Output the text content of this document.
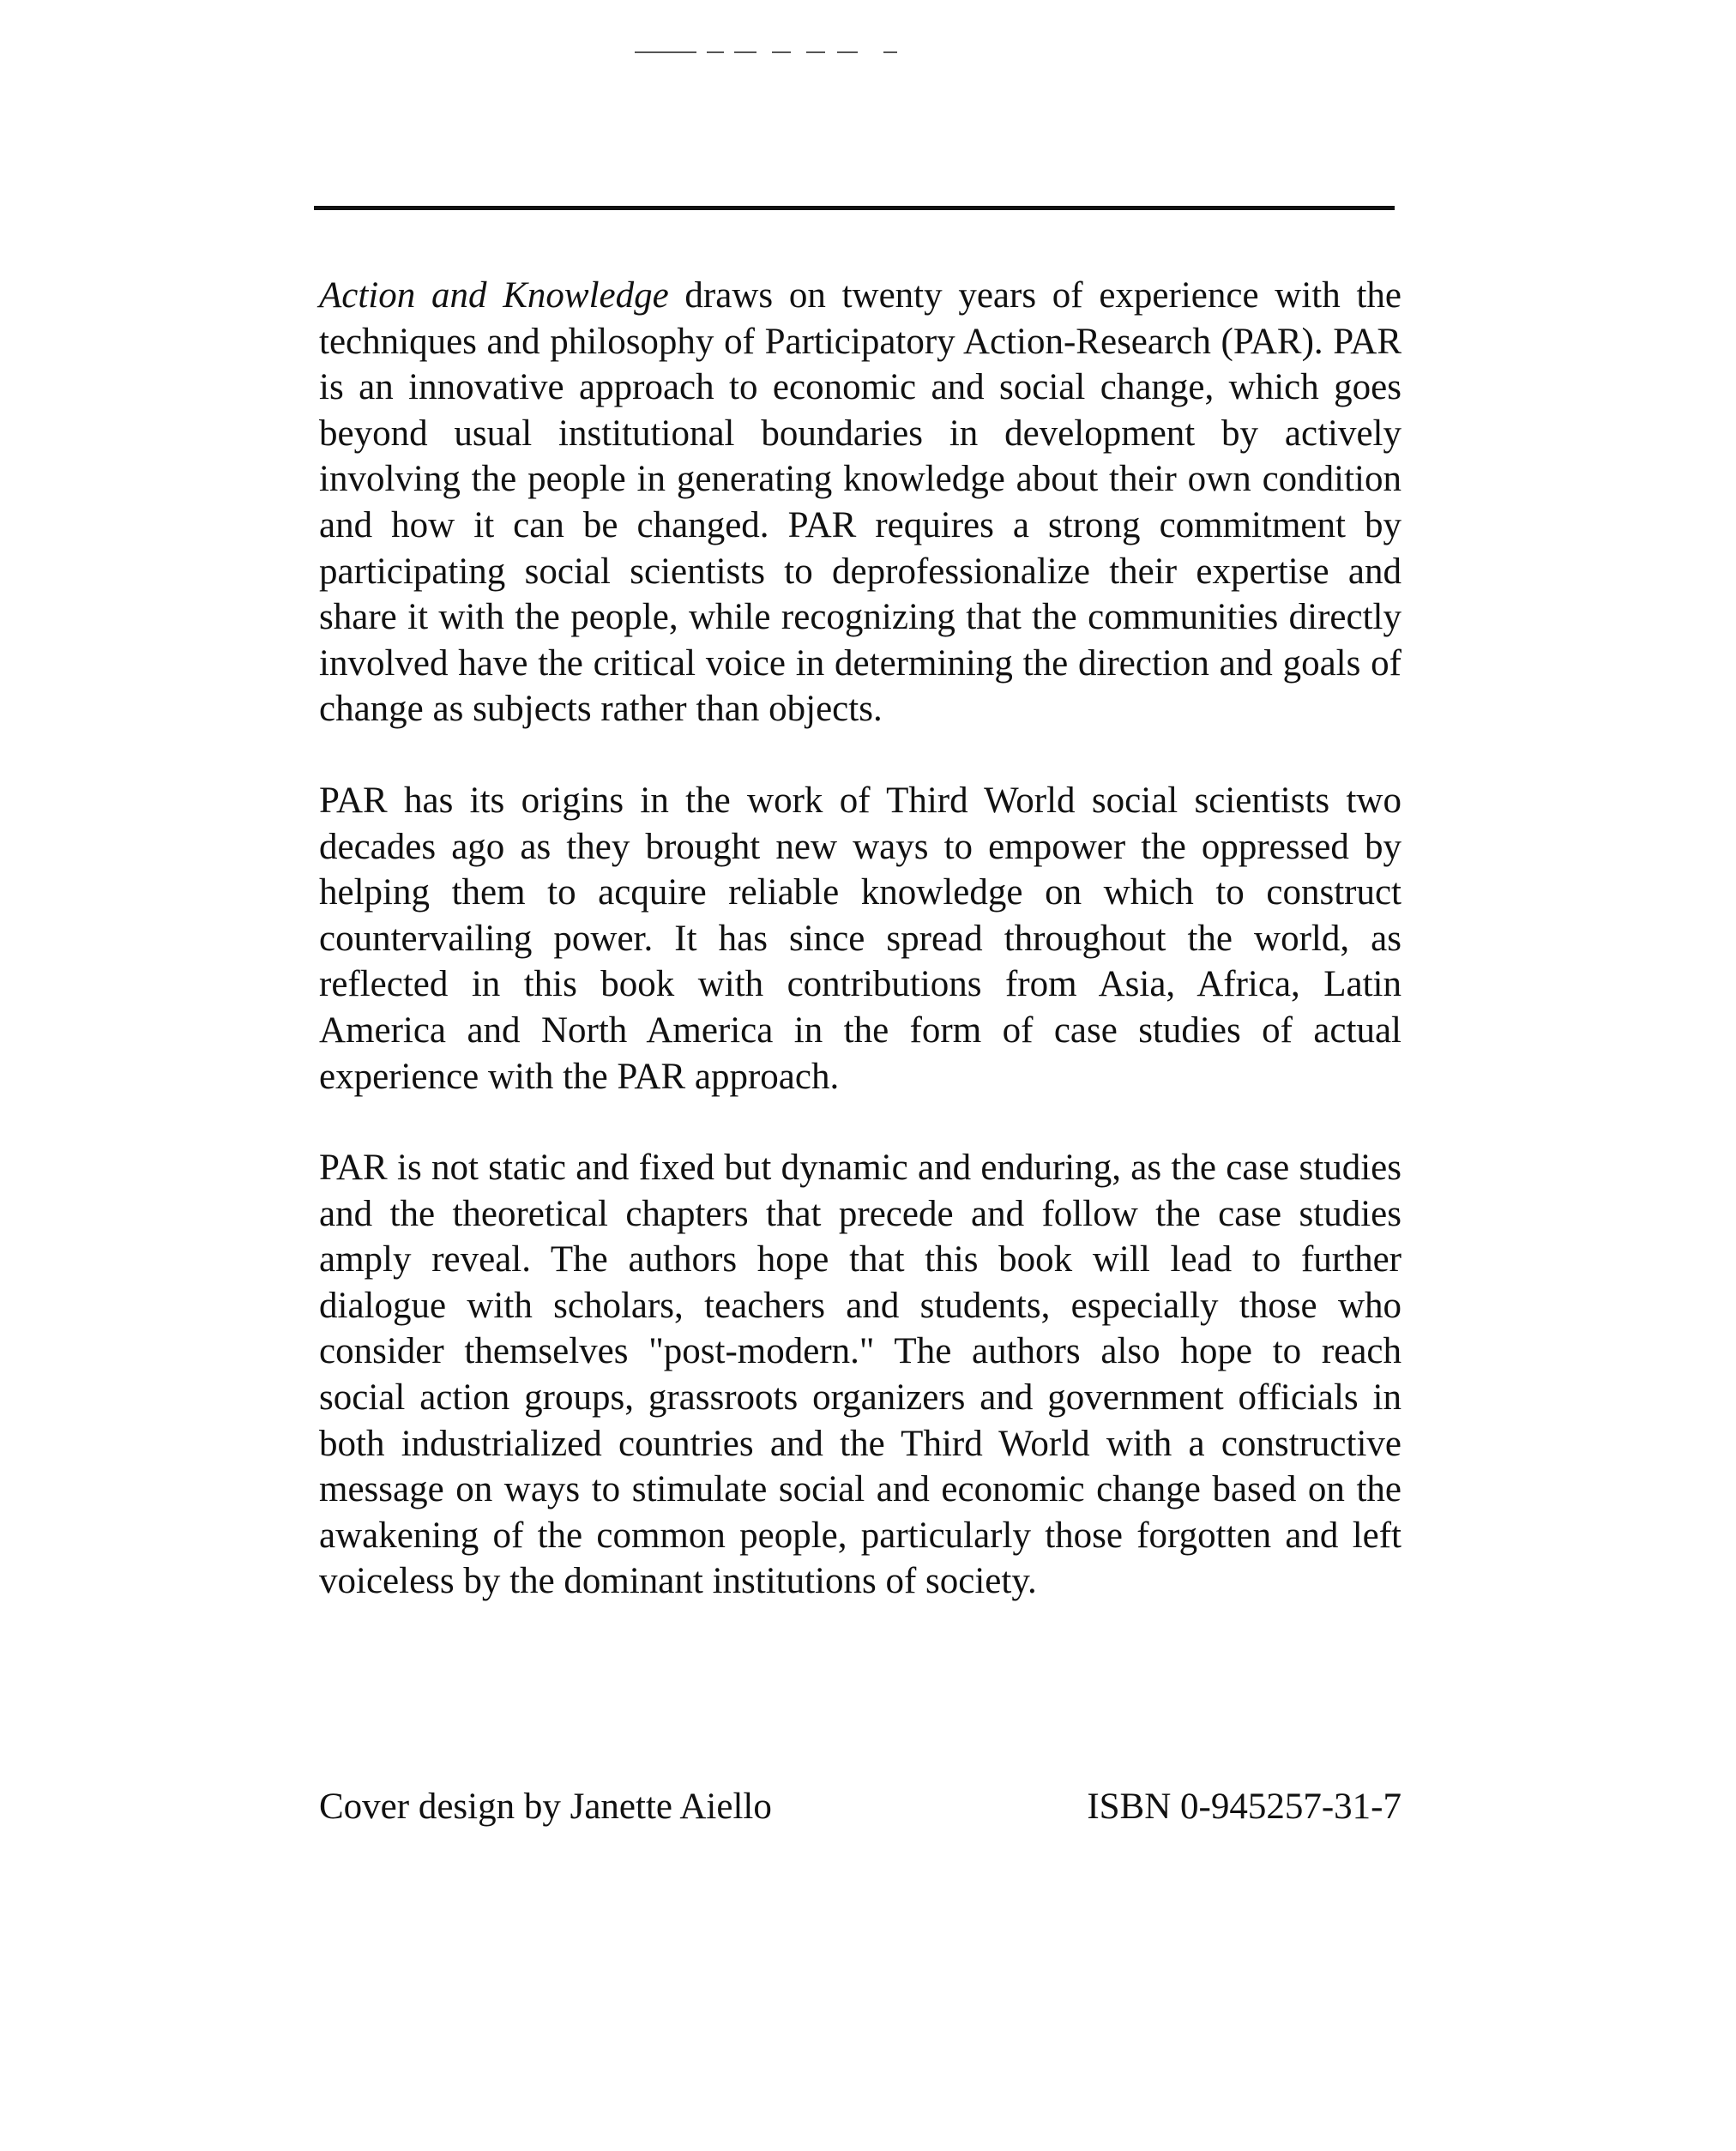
Action and Knowledge draws on twenty years of experience with the techniques and philosophy of Participatory Action-Research (PAR). PAR is an innovative approach to economic and social change, which goes beyond usual institutional boundaries in development by actively involving the people in generating knowledge about their own condition and how it can be changed. PAR requires a strong commitment by participating social scientists to deprofessionalize their expertise and share it with the people, while recognizing that the communities directly involved have the critical voice in determining the direction and goals of change as subjects rather than objects.

PAR has its origins in the work of Third World social scientists two decades ago as they brought new ways to empower the oppressed by helping them to acquire reliable knowledge on which to construct countervailing power. It has since spread throughout the world, as reflected in this book with contributions from Asia, Africa, Latin America and North America in the form of case studies of actual experience with the PAR approach.

PAR is not static and fixed but dynamic and enduring, as the case studies and the theoretical chapters that precede and follow the case studies amply reveal. The authors hope that this book will lead to further dialogue with scholars, teachers and students, especially those who consider themselves "post-modern." The authors also hope to reach social action groups, grassroots organizers and government officials in both industrialized countries and the Third World with a constructive message on ways to stimulate social and economic change based on the awakening of the common people, particularly those forgotten and left voiceless by the dominant institutions of society.

Cover design by Janette Aiello	ISBN 0-945257-31-7
